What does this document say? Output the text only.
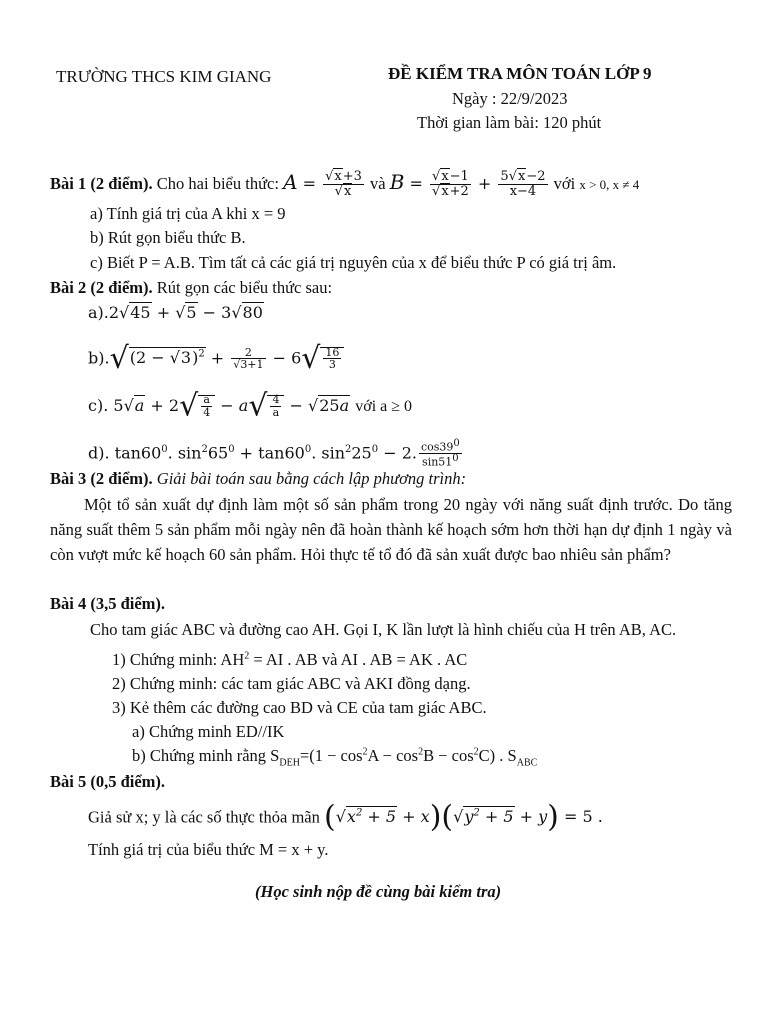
TRƯỜNG THCS KIM GIANG	ĐỀ KIỂM TRA MÔN TOÁN LỚP 9
Ngày : 22/9/2023
Thời gian làm bài: 120 phút
Bài 1 (2 điểm). Cho hai biểu thức: A =
√ x+3
√ x và B =
√ x−1
√ $x+2 + \frac{5√ x-2}{x-4}$ với x > 0, x ≠ 4
a) Tính giá trị của A khi x = 9
b) Rút gọn biểu thức B.
c) Biết P = A.B. Tìm tất cả các giá trị nguyên của x để biểu thức P có giá trị âm.
Bài 2 (2 điểm). Rút gọn các biểu thức sau:
a).2√ 45 + √ 5 − 3√ 80
b).√(2 − √ 3)$^2$ + 2
√ $3+1 - 6√ \frac{16}{3}$
c). 5√ $a + 2√ \frac{a}{4} - a√ \frac{4}{a}$ − √ 25a với a ≥ 0
d). $\tan 60^0$. $\sin^265^0 + \tan 60^0$. $\sin^225^0 - 2$. $\frac{\cos 39^0}{\sin 51^0}$
Bài 3 (2 điểm). Giải bài toán sau bằng cách lập phương trình:
Một tổ sản xuất dự định làm một số sản phẩm trong 20 ngày với năng suất định trước. Do tăng năng suất thêm 5 sản phẩm mỗi ngày nên đã hoàn thành kế hoạch sớm hơn thời hạn dự định 1 ngày và còn vượt mức kế hoạch 60 sản phẩm. Hỏi thực tế tổ đó đã sản xuất được bao nhiêu sản phẩm?
Bài 4 (3,5 điểm).
Cho tam giác ABC và đường cao AH. Gọi I, K lần lượt là hình chiếu của H trên AB, AC.
1) Chứng minh: $AH^2$ = AI . AB và AI . AB = AK . AC
2) Chứng minh: các tam giác ABC và AKI đồng dạng.
3) Kẻ thêm các đường cao BD và CE của tam giác ABC.
a) Chứng minh ED//IK
b) Chứng minh rằng $S_{DEH}=(1 - \cos^2A - \cos^2B - \cos^2C)$ . $S_{ABC}$
Bài 5 (0,5 điểm).
Giả sử x; y là các số thực thỏa mãn (√ $x^2 + 5 + x)(√$ $y^2 + 5 + y) = 5$ .
Tính giá trị của biểu thức M = x + y.
(Học sinh nộp đề cùng bài kiểm tra)
